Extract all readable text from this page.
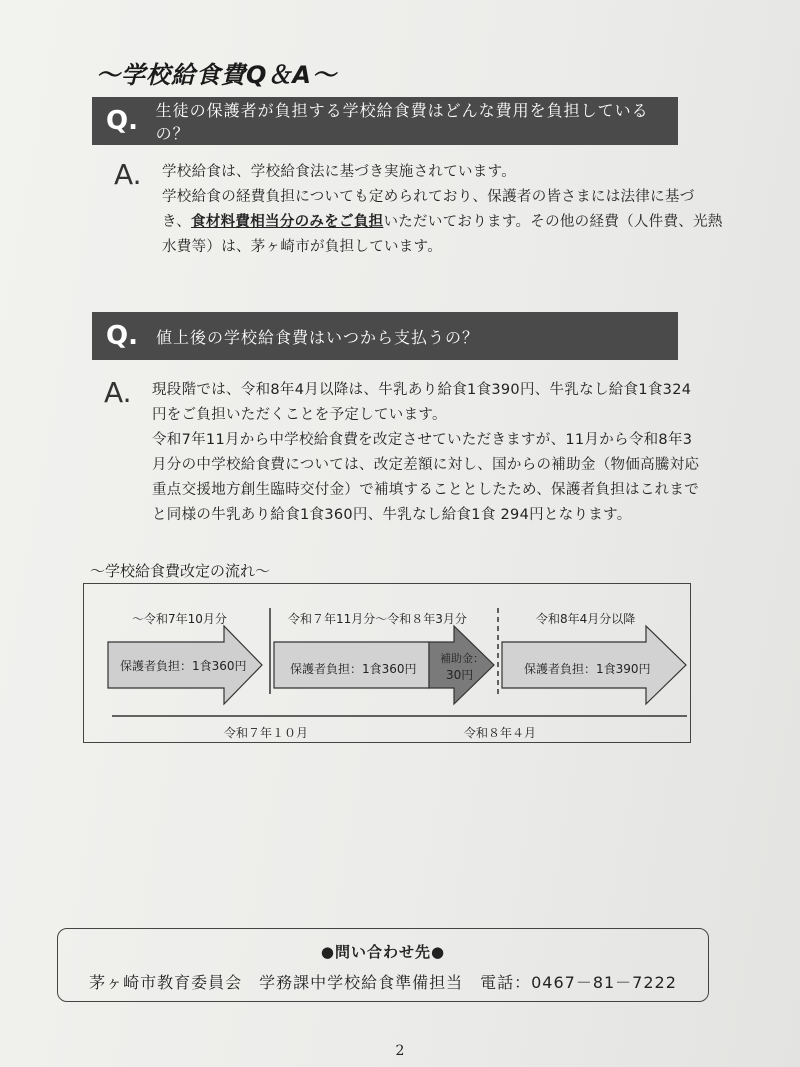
～学校給食費Q＆A～
Q.	生徒の保護者が負担する学校給食費はどんな費用を負担しているの？
A. 学校給食は、学校給食法に基づき実施されています。

学校給食の経費負担についても定められており、保護者の皆さまには法律に基づ

き、食材料費相当分のみをご負担いただいております。その他の経費（人件費、光熱

水費等）は、茅ヶ崎市が負担しています。

Q.	値上後の学校給食費はいつから支払うの？
A. 現段階では、令和8年4月以降は、牛乳あり給食1食390円、牛乳なし給食1食324

円をご負担いただくことを予定しています。

令和7年11月から中学校給食費を改定させていただきますが、11月から令和8年3

月分の中学校給食費については、改定差額に対し、国からの補助金（物価高騰対応

重点交援地方創生臨時交付金）で補填することとしたため、保護者負担はこれまで

と同様の牛乳あり給食1食360円、牛乳なし給食1食 294円となります。

～学校給食費改定の流れ～
～令和7年10月分	令和７年11月分～令和８年3月分	令和8年4月分以降
保護者負担：1食360円	保護者負担：1食360円
補助金：
30円	保護者負担：1食390円
令和７年１０月	令和８年４月
●問い合わせ先●
茅ヶ崎市教育委員会　学務課中学校給食準備担当　電話：0467－81－7222
2
